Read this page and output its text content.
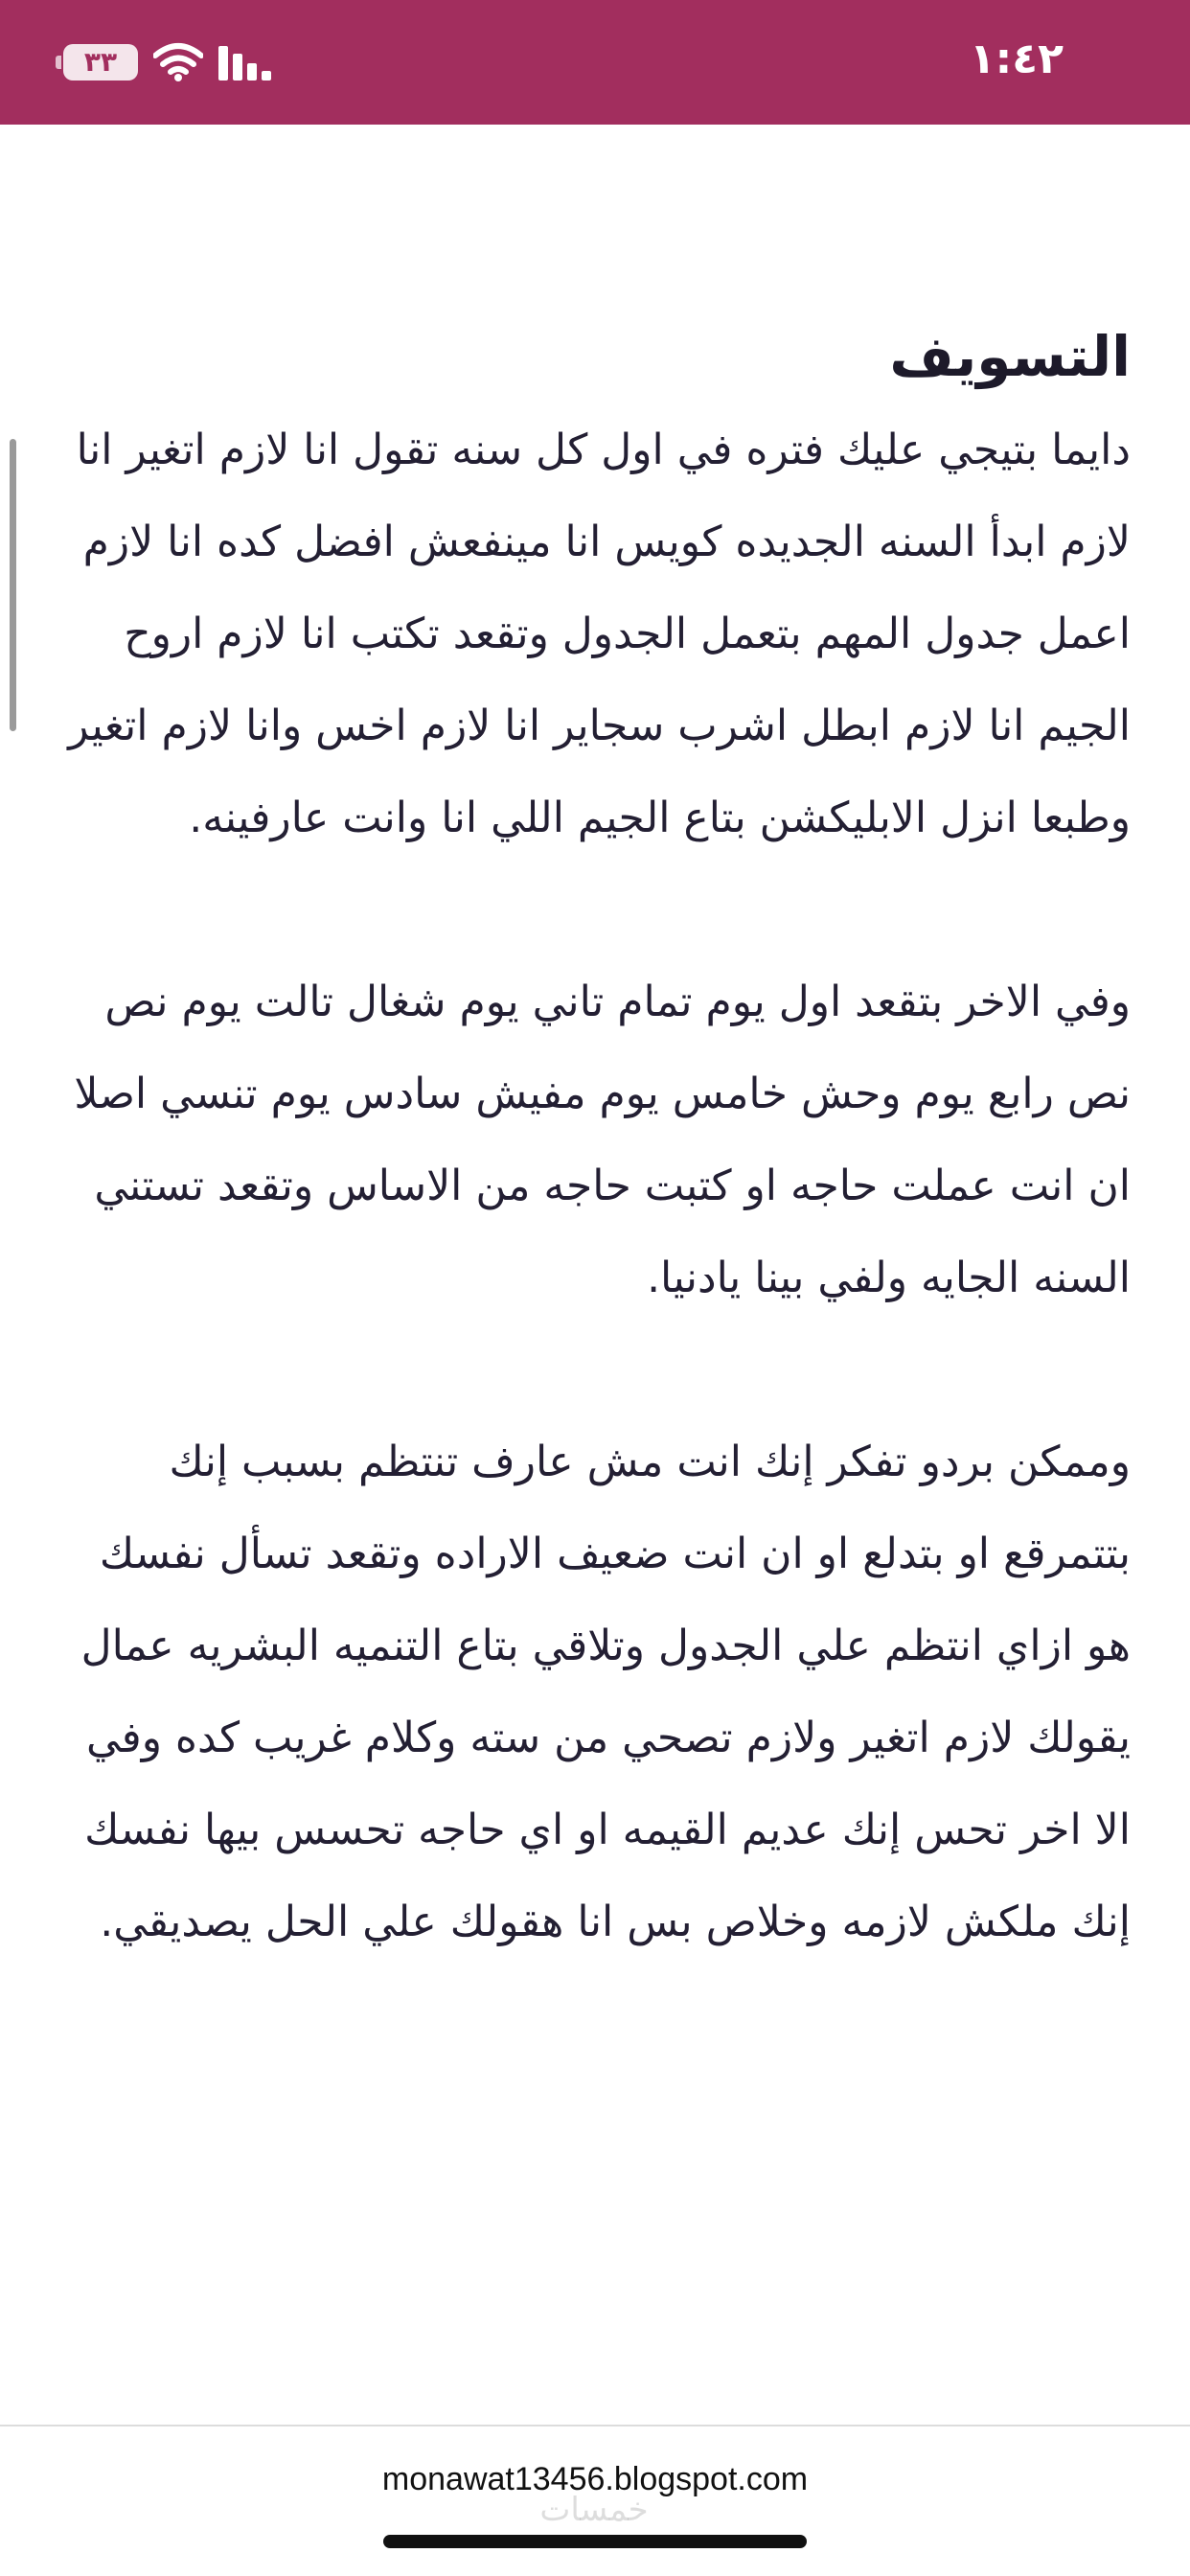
٣٣	١:٤٢
التسويف

دايما بتيجي عليك فتره في اول كل سنه تقول انا لازم اتغير انا لازم ابدأ السنه الجديده كويس انا مينفعش افضل كده انا لازم اعمل جدول المهم بتعمل الجدول وتقعد تكتب انا لازم اروح الجيم انا لازم ابطل اشرب سجاير انا لازم اخس وانا لازم اتغير وطبعا انزل الابليكشن بتاع الجيم اللي انا وانت عارفينه.

وفي الاخر بتقعد اول يوم تمام تاني يوم شغال تالت يوم نص نص رابع يوم وحش خامس يوم مفيش سادس يوم تنسي اصلا ان انت عملت حاجه او كتبت حاجه من الاساس وتقعد تستني السنه الجايه ولفي بينا يادنيا.

وممكن بردو تفكر إنك انت مش عارف تنتظم بسبب إنك بتتمرقع او بتدلع او ان انت ضعيف الاراده وتقعد تسأل نفسك هو ازاي انتظم علي الجدول وتلاقي بتاع التنميه البشريه عمال يقولك لازم اتغير ولازم تصحي من سته وكلام غريب كده وفي الا اخر تحس إنك عديم القيمه او اي حاجه تحسس بيها نفسك إنك ملكش لازمه وخلاص بس انا هقولك علي الحل يصديقي.

monawat13456.blogspot.com
خمسات
